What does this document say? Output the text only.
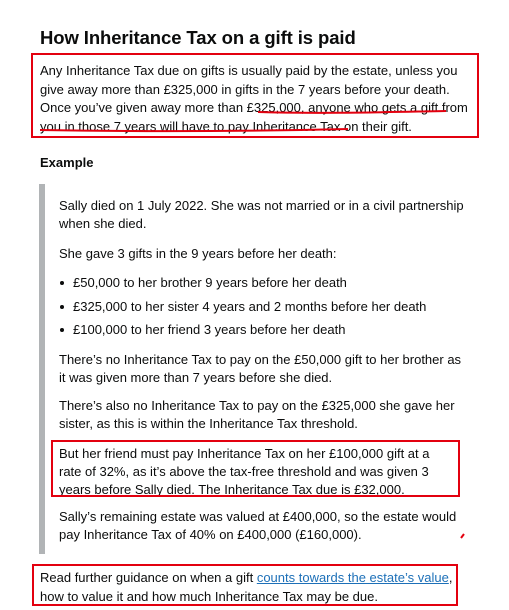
How Inheritance Tax on a gift is paid

Any Inheritance Tax due on gifts is usually paid by the estate, unless you give away more than £325,000 in gifts in the 7 years before your death. Once you’ve given away more than £325,000, anyone who gets a gift from you in those 7 years will have to pay Inheritance Tax on their gift.

Example

Sally died on 1 July 2022. She was not married or in a civil partnership when she died.

She gave 3 gifts in the 9 years before her death:

£50,000 to her brother 9 years before her death
£325,000 to her sister 4 years and 2 months before her death
£100,000 to her friend 3 years before her death

There’s no Inheritance Tax to pay on the £50,000 gift to her brother as it was given more than 7 years before she died.

There’s also no Inheritance Tax to pay on the £325,000 she gave her sister, as this is within the Inheritance Tax threshold.

But her friend must pay Inheritance Tax on her £100,000 gift at a rate of 32%, as it’s above the tax-free threshold and was given 3 years before Sally died. The Inheritance Tax due is £32,000.

Sally’s remaining estate was valued at £400,000, so the estate would pay Inheritance Tax of 40% on £400,000 (£160,000).

Read further guidance on when a gift counts towards the estate’s value, how to value it and how much Inheritance Tax may be due.
